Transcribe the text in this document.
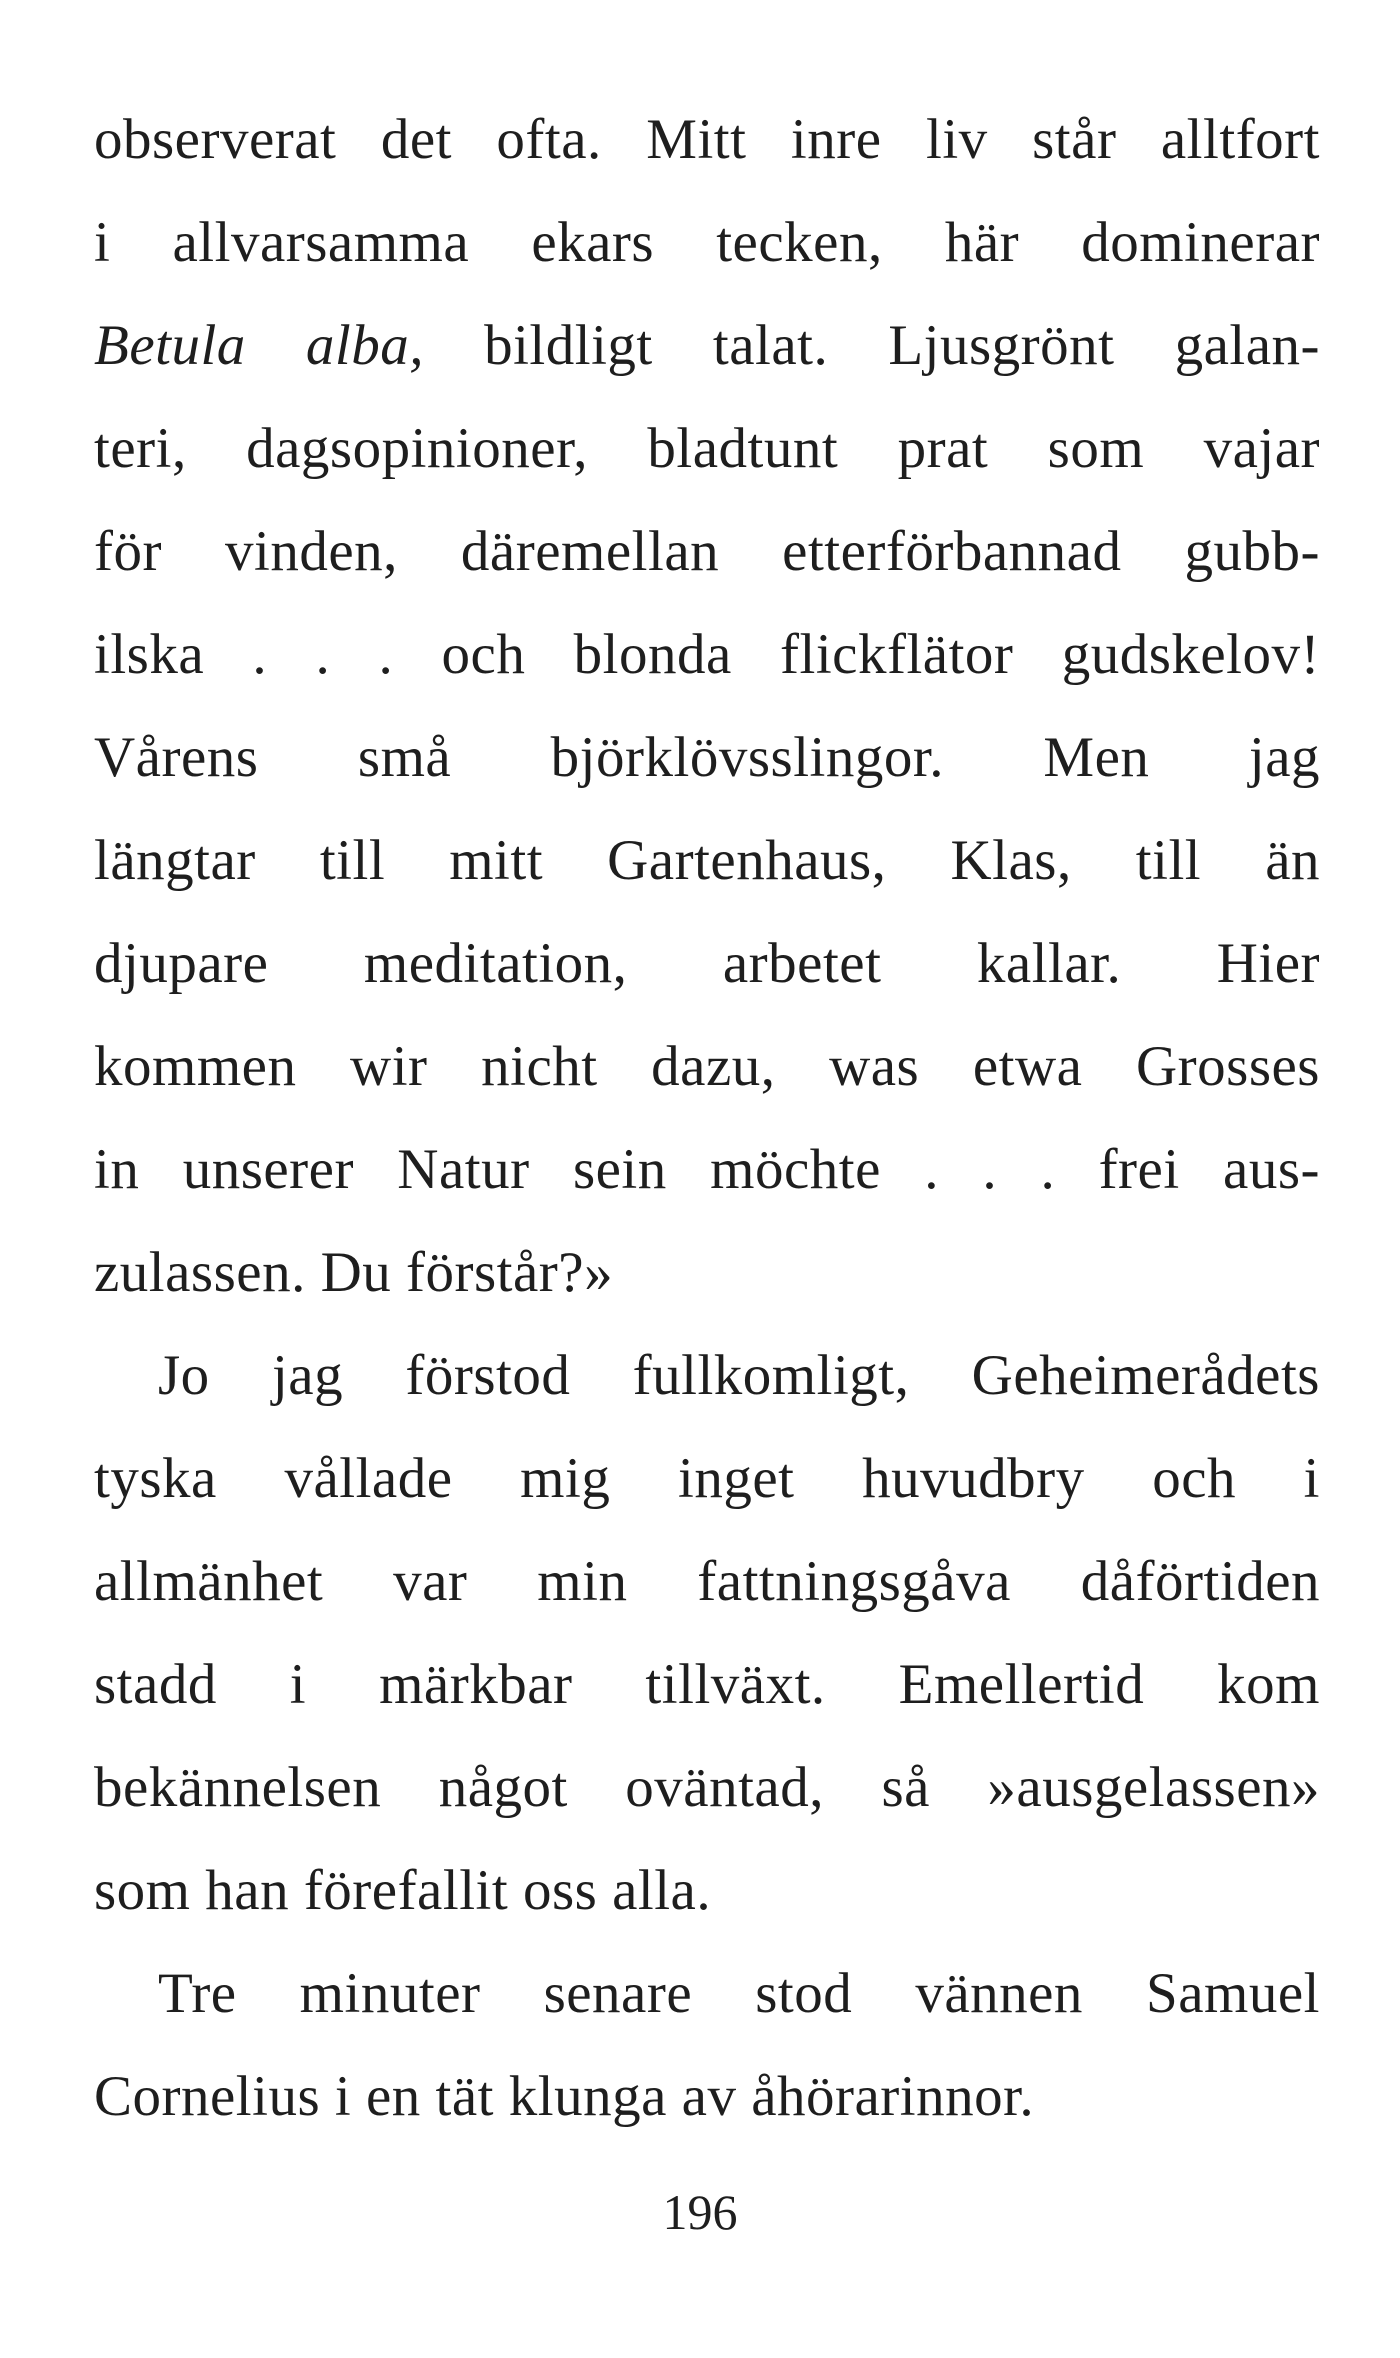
observerat det ofta. Mitt inre liv står alltfort
i allvarsamma ekars tecken, här dominerar
Betula alba, bildligt talat. Ljusgrönt galan-
teri, dagsopinioner, bladtunt prat som vajar
för vinden, däremellan etterförbannad gubb-
ilska . . . och blonda flickflätor gudskelov!
Vårens små björklövsslingor. Men jag
längtar till mitt Gartenhaus, Klas, till än
djupare meditation, arbetet kallar. Hier
kommen wir nicht dazu, was etwa Grosses
in unserer Natur sein möchte . . . frei aus-
zulassen. Du förstår?»
Jo jag förstod fullkomligt, Geheimerådets
tyska vållade mig inget huvudbry och i
allmänhet var min fattningsgåva dåförtiden
stadd i märkbar tillväxt. Emellertid kom
bekännelsen något oväntad, så »ausgelassen»
som han förefallit oss alla.
Tre minuter senare stod vännen Samuel
Cornelius i en tät klunga av åhörarinnor.
196
